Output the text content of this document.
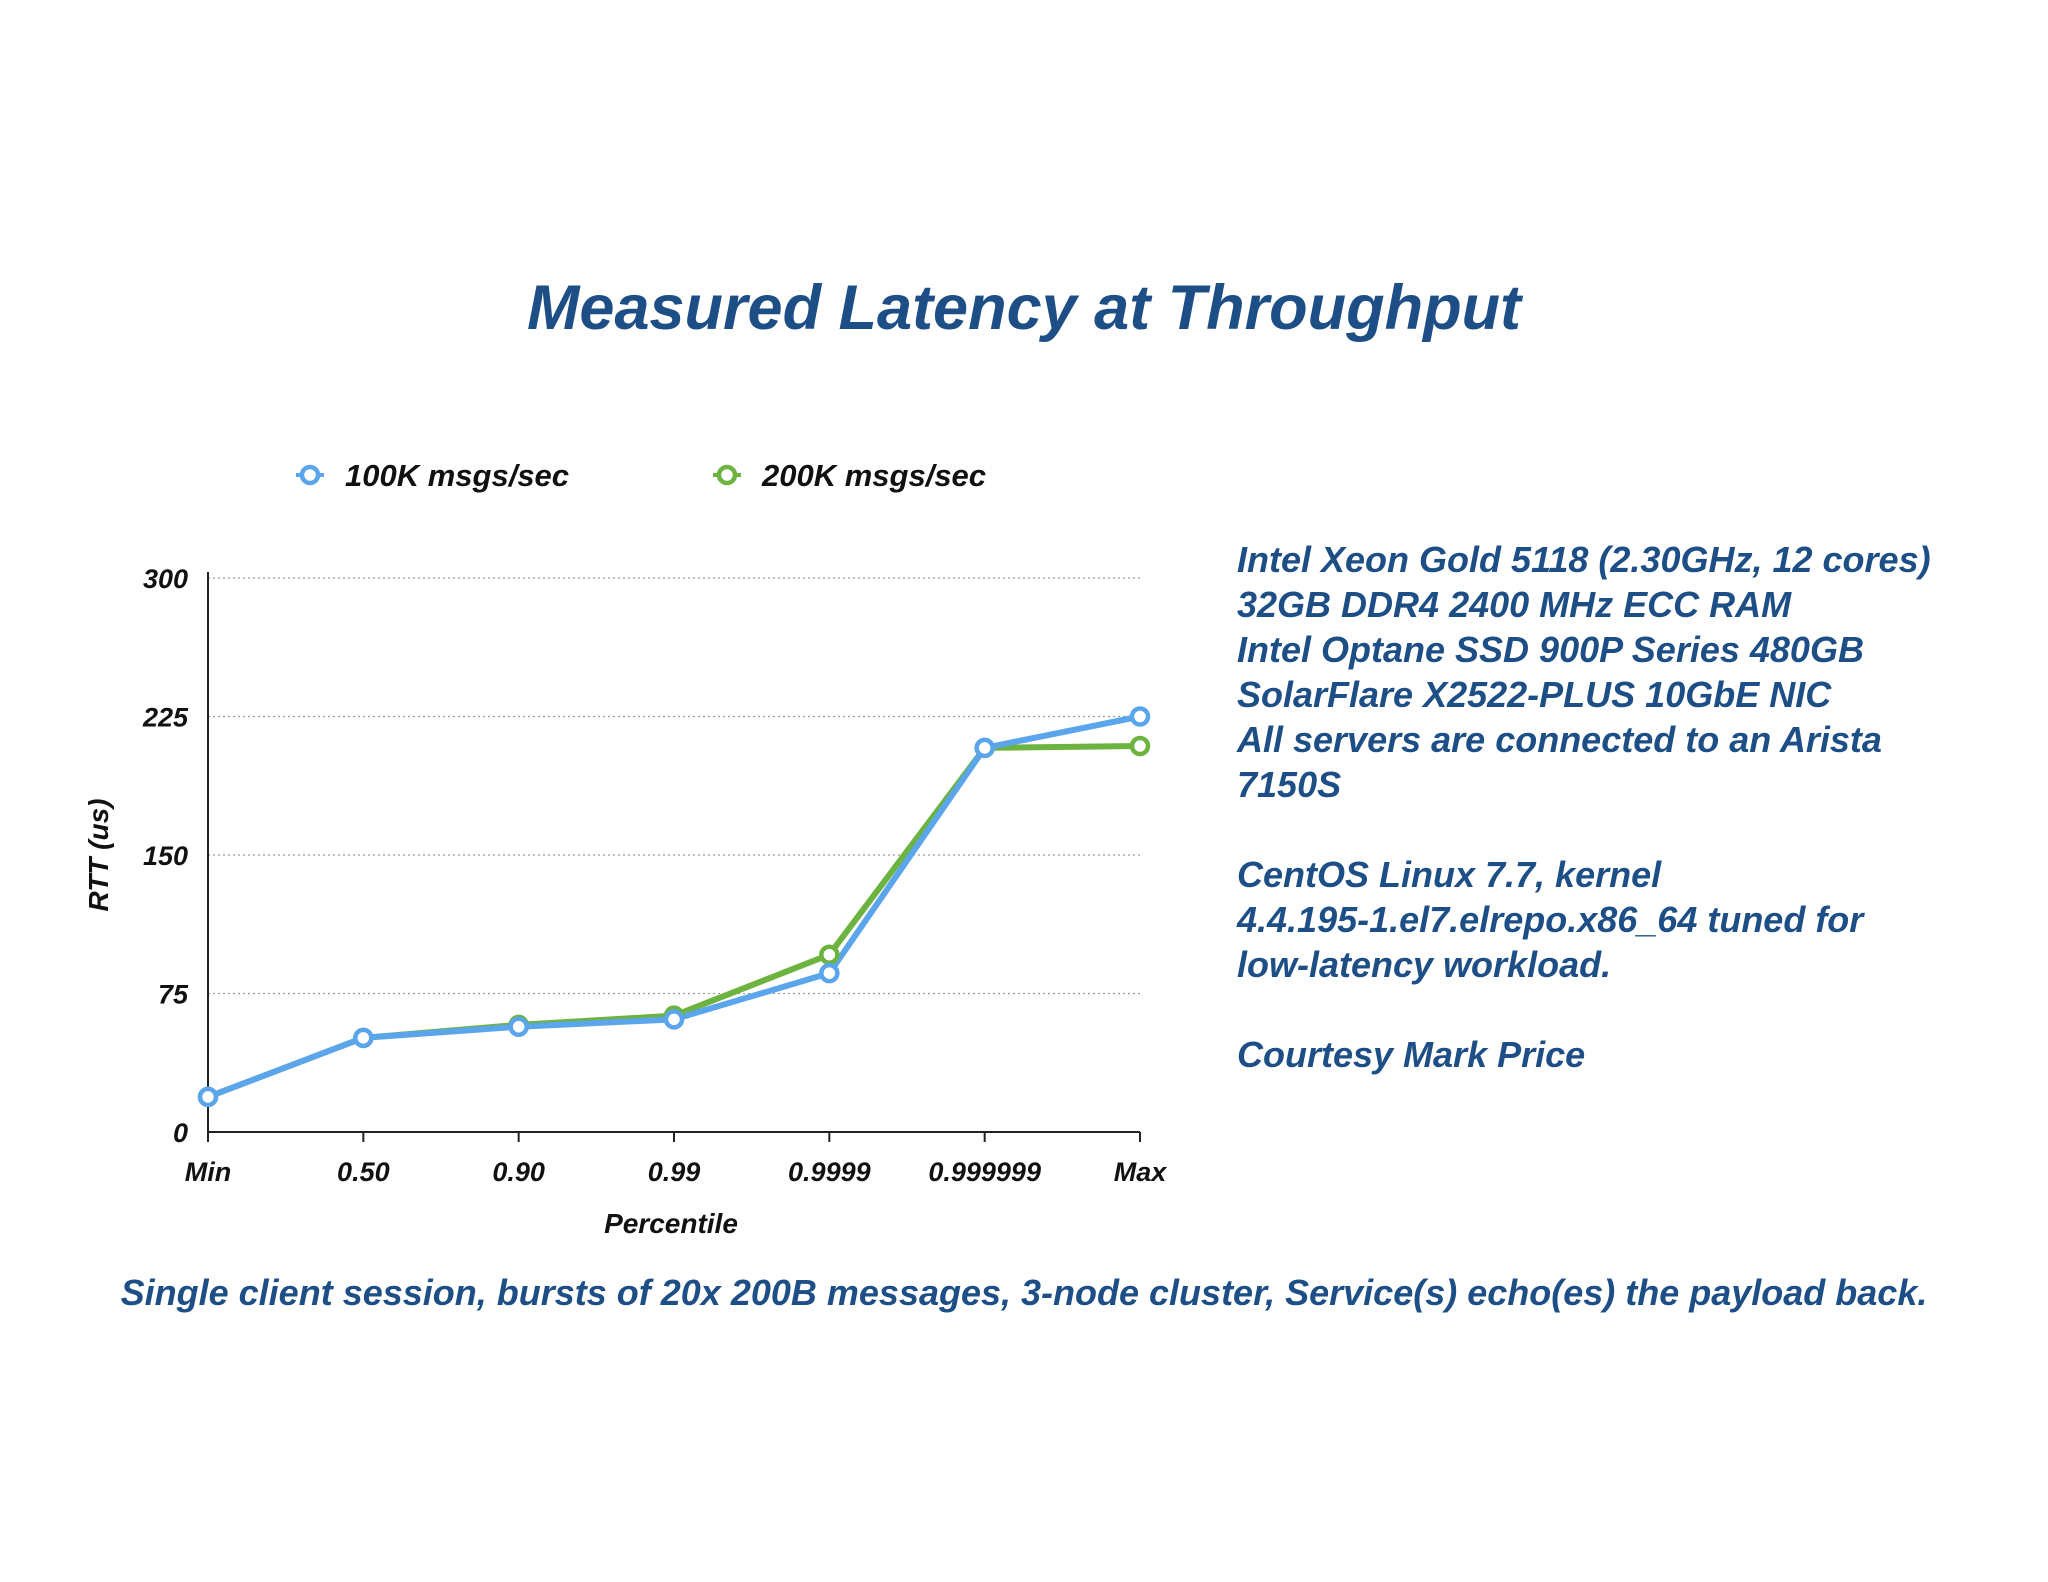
Measured Latency at Throughput
100K msgs/sec	200K msgs/sec
0
75
150
225
300
Min	0.50	0.90	0.99	0.9999 0.999999	Max
Percentile
RTT (us)
Intel Xeon Gold 5118 (2.30GHz, 12 cores)
32GB DDR4 2400 MHz ECC RAM
Intel Optane SSD 900P Series 480GB
SolarFlare X2522-PLUS 10GbE NIC
All servers are connected to an Arista
7150S
CentOS Linux 7.7, kernel
4.4.195-1.el7.elrepo.x86_64 tuned for
low-latency workload.
Courtesy Mark Price
Single client session, bursts of 20x 200B messages, 3-node cluster, Service(s) echo(es) the payload back.
